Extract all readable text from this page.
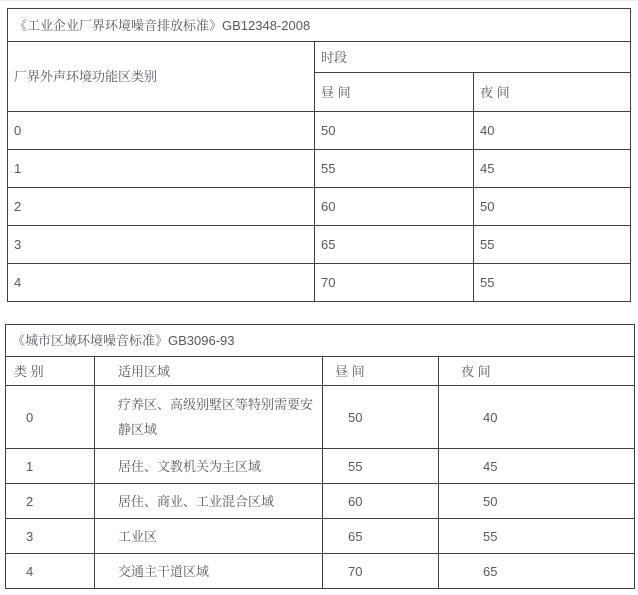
《工业企业厂界环境噪音排放标准》GB12348-2008		
厂界外声环境功能区类别	时段	
	昼 间	夜 间
0	50	40
1	55	45
2	60	50
3	65	55
4	70	55
《城市区域环境噪音标准》GB3096-93			
类 别	适用区域	昼 间	夜 间
0	疗养区、高级别墅区等特别需要安静区域	50	40
1	居住、文教机关为主区域	55	45
2	居住、商业、工业混合区域	60	50
3	工业区	65	55
4	交通主干道区域	70	65
